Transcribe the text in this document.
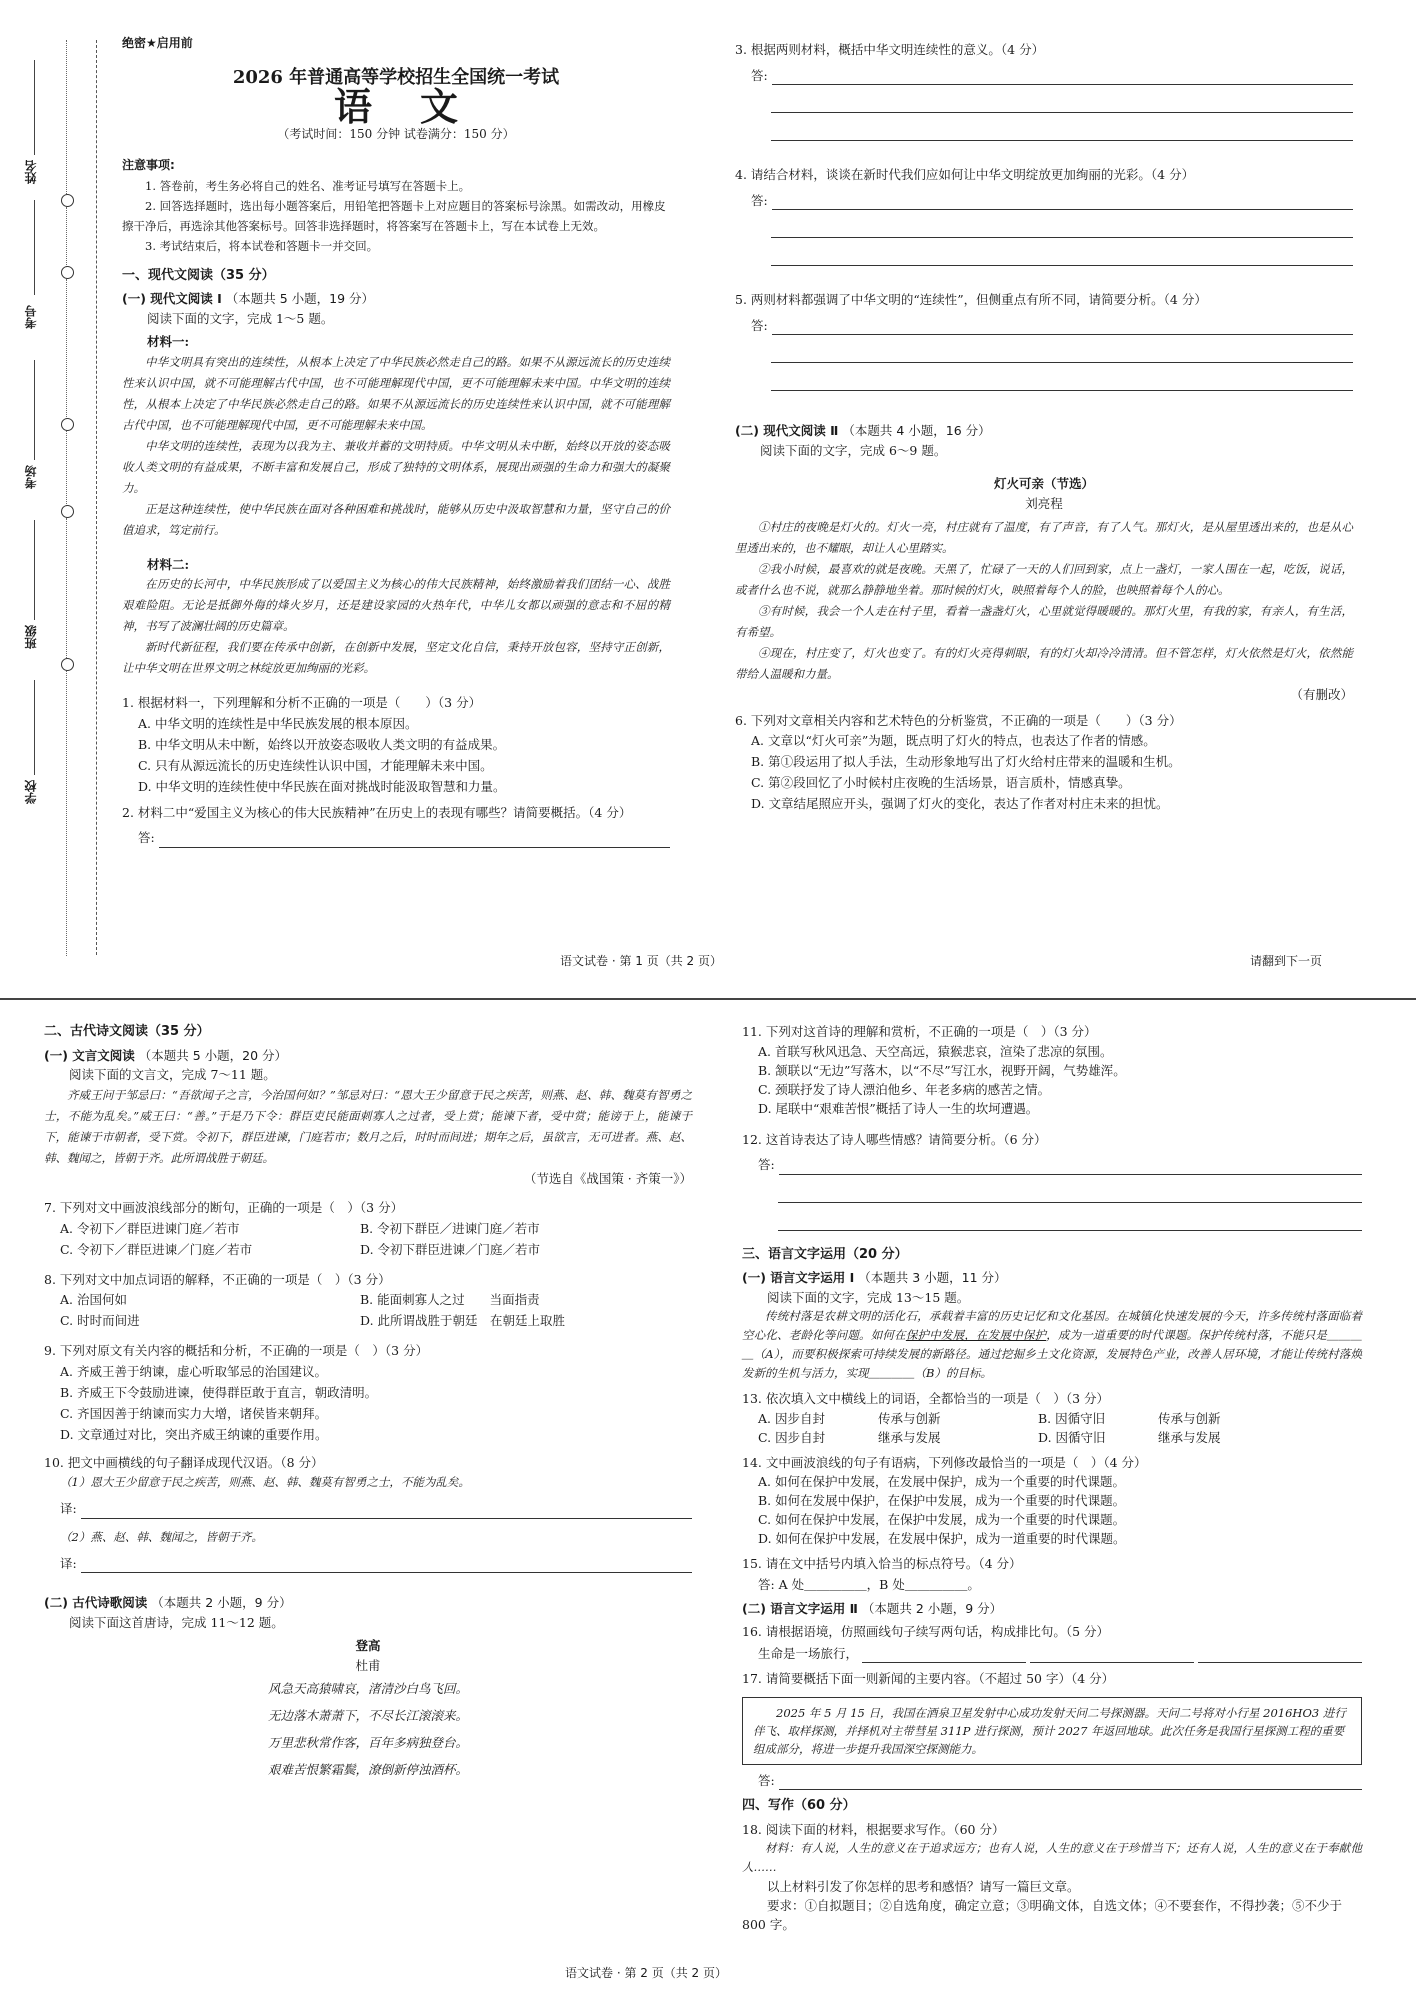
姓名
考号
考场
班级
学校
绝密★启用前
2026 年普通高等学校招生全国统一考试
语文
（考试时间：150 分钟 试卷满分：150 分）
注意事项:
1. 答卷前，考生务必将自己的姓名、准考证号填写在答题卡上。
2. 回答选择题时，选出每小题答案后，用铅笔把答题卡上对应题目的答案标号涂黑。如需改动，用橡皮擦干净后，再选涂其他答案标号。回答非选择题时，将答案写在答题卡上，写在本试卷上无效。
3. 考试结束后，将本试卷和答题卡一并交回。
一、现代文阅读（35 分）
(一) 现代文阅读 Ⅰ （本题共 5 小题，19 分）
阅读下面的文字，完成 1～5 题。
材料一:
中华文明具有突出的连续性，从根本上决定了中华民族必然走自己的路。如果不从源远流长的历史连续性来认识中国，就不可能理解古代中国，也不可能理解现代中国，更不可能理解未来中国。中华文明的连续性，从根本上决定了中华民族必然走自己的路。如果不从源远流长的历史连续性来认识中国，就不可能理解古代中国，也不可能理解现代中国，更不可能理解未来中国。
中华文明的连续性，表现为以我为主、兼收并蓄的文明特质。中华文明从未中断，始终以开放的姿态吸收人类文明的有益成果，不断丰富和发展自己，形成了独特的文明体系，展现出顽强的生命力和强大的凝聚力。
正是这种连续性，使中华民族在面对各种困难和挑战时，能够从历史中汲取智慧和力量，坚守自己的价值追求，笃定前行。
材料二:
在历史的长河中，中华民族形成了以爱国主义为核心的伟大民族精神，始终激励着我们团结一心、战胜艰难险阻。无论是抵御外侮的烽火岁月，还是建设家园的火热年代，中华儿女都以顽强的意志和不屈的精神，书写了波澜壮阔的历史篇章。
新时代新征程，我们要在传承中创新，在创新中发展，坚定文化自信，秉持开放包容，坚持守正创新，让中华文明在世界文明之林绽放更加绚丽的光彩。
1. 根据材料一，下列理解和分析不正确的一项是（　　）（3 分）
A. 中华文明的连续性是中华民族发展的根本原因。
B. 中华文明从未中断，始终以开放姿态吸收人类文明的有益成果。
C. 只有从源远流长的历史连续性认识中国，才能理解未来中国。
D. 中华文明的连续性使中华民族在面对挑战时能汲取智慧和力量。
2. 材料二中“爱国主义为核心的伟大民族精神”在历史上的表现有哪些？请简要概括。（4 分）
答:
3. 根据两则材料，概括中华文明连续性的意义。（4 分）
答:
4. 请结合材料，谈谈在新时代我们应如何让中华文明绽放更加绚丽的光彩。（4 分）
答:
5. 两则材料都强调了中华文明的“连续性”，但侧重点有所不同，请简要分析。（4 分）
答:
(二) 现代文阅读 Ⅱ （本题共 4 小题，16 分）
阅读下面的文字，完成 6～9 题。
灯火可亲（节选）
刘亮程
①村庄的夜晚是灯火的。灯火一亮，村庄就有了温度，有了声音，有了人气。那灯火，是从屋里透出来的，也是从心里透出来的，也不耀眼，却让人心里踏实。
②我小时候，最喜欢的就是夜晚。天黑了，忙碌了一天的人们回到家，点上一盏灯，一家人围在一起，吃饭，说话，或者什么也不说，就那么静静地坐着。那时候的灯火，映照着每个人的脸，也映照着每个人的心。
③有时候，我会一个人走在村子里，看着一盏盏灯火，心里就觉得暖暖的。那灯火里，有我的家，有亲人，有生活，有希望。
④现在，村庄变了，灯火也变了。有的灯火亮得刺眼，有的灯火却冷冷清清。但不管怎样，灯火依然是灯火，依然能带给人温暖和力量。
（有删改）
6. 下列对文章相关内容和艺术特色的分析鉴赏，不正确的一项是（　　）（3 分）
A. 文章以“灯火可亲”为题，既点明了灯火的特点，也表达了作者的情感。
B. 第①段运用了拟人手法，生动形象地写出了灯火给村庄带来的温暖和生机。
C. 第②段回忆了小时候村庄夜晚的生活场景，语言质朴，情感真挚。
D. 文章结尾照应开头，强调了灯火的变化，表达了作者对村庄未来的担忧。
语文试卷 · 第 1 页（共 2 页）	请翻到下一页
二、古代诗文阅读（35 分）
(一) 文言文阅读 （本题共 5 小题，20 分）
阅读下面的文言文，完成 7～11 题。
齐威王问于邹忌曰：“吾欲闻子之言，今治国何如？”邹忌对曰：“恩大王少留意于民之疾苦，则燕、赵、韩、魏莫有智勇之士，不能为乱矣。”威王曰：“善。”于是乃下令：群臣吏民能面刺寡人之过者，受上赏；能谏下者，受中赏；能谤于上，能谏于下，能谏于市朝者，受下赏。令初下，群臣进谏，门庭若市；数月之后，时时而间进；期年之后，虽欲言，无可进者。燕、赵、韩、魏闻之，皆朝于齐。此所谓战胜于朝廷。
（节选自《战国策 · 齐策一》）
7. 下列对文中画波浪线部分的断句，正确的一项是（　）（3 分）
A. 令初下／群臣进谏门庭／若市	B. 令初下群臣／进谏门庭／若市
C. 令初下／群臣进谏／门庭／若市	D. 令初下群臣进谏／门庭／若市
8. 下列对文中加点词语的解释，不正确的一项是（　）（3 分）
A. 治国何如	B. 能面刺寡人之过　　当面指责
C. 时时而间进	D. 此所谓战胜于朝廷　在朝廷上取胜
9. 下列对原文有关内容的概括和分析，不正确的一项是（　）（3 分）
A. 齐威王善于纳谏，虚心听取邹忌的治国建议。
B. 齐威王下令鼓励进谏，使得群臣敢于直言，朝政清明。
C. 齐国因善于纳谏而实力大增，诸侯皆来朝拜。
D. 文章通过对比，突出齐威王纳谏的重要作用。
10. 把文中画横线的句子翻译成现代汉语。（8 分）
（1）恩大王少留意于民之疾苦，则燕、赵、韩、魏莫有智勇之士，不能为乱矣。
译:
（2）燕、赵、韩、魏闻之，皆朝于齐。
译:
(二) 古代诗歌阅读 （本题共 2 小题，9 分）
阅读下面这首唐诗，完成 11～12 题。
登高
杜甫
风急天高猿啸哀，渚清沙白鸟飞回。
无边落木萧萧下，不尽长江滚滚来。
万里悲秋常作客，百年多病独登台。
艰难苦恨繁霜鬓，潦倒新停浊酒杯。
11. 下列对这首诗的理解和赏析，不正确的一项是（　）（3 分）
A. 首联写秋风迅急、天空高远，猿猴悲哀，渲染了悲凉的氛围。
B. 颔联以“无边”写落木，以“不尽”写江水，视野开阔，气势雄浑。
C. 颈联抒发了诗人漂泊他乡、年老多病的感苦之情。
D. 尾联中“艰难苦恨”概括了诗人一生的坎坷遭遇。
12. 这首诗表达了诗人哪些情感？请简要分析。（6 分）
答:
三、语言文字运用（20 分）
(一) 语言文字运用 Ⅰ （本题共 3 小题，11 分）
阅读下面的文字，完成 13～15 题。
传统村落是农耕文明的活化石，承载着丰富的历史记忆和文化基因。在城镇化快速发展的今天，许多传统村落面临着空心化、老龄化等问题。如何在保护中发展，在发展中保护，成为一道重要的时代课题。保护传统村落，不能只是＿＿＿＿（A），而要积极探索可持续发展的新路径。通过挖掘乡土文化资源，发展特色产业，改善人居环境，才能让传统村落焕发新的生机与活力，实现＿＿＿＿（B）的目标。
13. 依次填入文中横线上的词语，全都恰当的一项是（　）（3 分）
A. 因步自封	传承与创新	B. 因循守旧	传承与创新
C. 因步自封	继承与发展	D. 因循守旧	继承与发展
14. 文中画波浪线的句子有语病，下列修改最恰当的一项是（　）（4 分）
A. 如何在保护中发展，在发展中保护，成为一个重要的时代课题。
B. 如何在发展中保护，在保护中发展，成为一个重要的时代课题。
C. 如何在保护中发展，在保护中发展，成为一个重要的时代课题。
D. 如何在保护中发展，在发展中保护，成为一道重要的时代课题。
15. 请在文中括号内填入恰当的标点符号。（4 分）
答: A 处＿＿＿＿＿，B 处＿＿＿＿＿。
(二) 语言文字运用 Ⅱ （本题共 2 小题，9 分）
16. 请根据语境，仿照画线句子续写两句话，构成排比句。（5 分）
生命是一场旅行，
17. 请简要概括下面一则新闻的主要内容。（不超过 50 字）（4 分）
2025 年 5 月 15 日，我国在酒泉卫星发射中心成功发射天问二号探测器。天问二号将对小行星 2016HO3 进行伴飞、取样探测，并择机对主带彗星 311P 进行探测，预计 2027 年返回地球。此次任务是我国行星探测工程的重要组成部分，将进一步提升我国深空探测能力。
答:
四、写作（60 分）
18. 阅读下面的材料，根据要求写作。（60 分）
材料：有人说，人生的意义在于追求远方；也有人说，人生的意义在于珍惜当下；还有人说，人生的意义在于奉献他人……
以上材料引发了你怎样的思考和感悟？请写一篇巨文章。
要求：①自拟题目；②自选角度，确定立意；③明确文体，自选文体；④不要套作，不得抄袭；⑤不少于 800 字。
语文试卷 · 第 2 页（共 2 页）
